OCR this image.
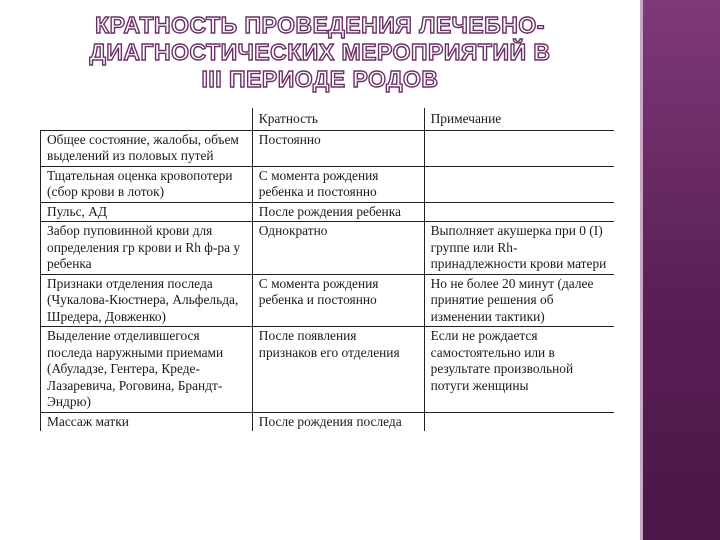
КРАТНОСТЬ ПРОВЕДЕНИЯ ЛЕЧЕБНО-
ДИАГНОСТИЧЕСКИХ МЕРОПРИЯТИЙ В
III ПЕРИОДЕ РОДОВ
	Кратность	Примечание
Общее состояние, жалобы, объем выделений из половых путей	Постоянно	
Тщательная оценка кровопотери (сбор крови в лоток)	С момента рождения ребенка и постоянно	
Пульс, АД	После рождения ребенка	
Забор пуповинной крови для определения гр крови и Rh ф-ра у ребенка	Однократно	Выполняет акушерка при 0 (I) группе или Rh-принадлежности крови матери
Признаки отделения последа (Чукалова-Кюстнера, Альфельда, Шредера, Довженко)	С момента рождения ребенка и постоянно	Но не более 20 минут (далее принятие решения об изменении тактики)
Выделение отделившегося последа наружными приемами (Абуладзе, Гентера, Креде-Лазаревича, Роговина, Брандт-Эндрю)	После появления признаков его отделения	Если не рождается самостоятельно или в результате произвольной потуги женщины
Массаж матки	После рождения последа	
